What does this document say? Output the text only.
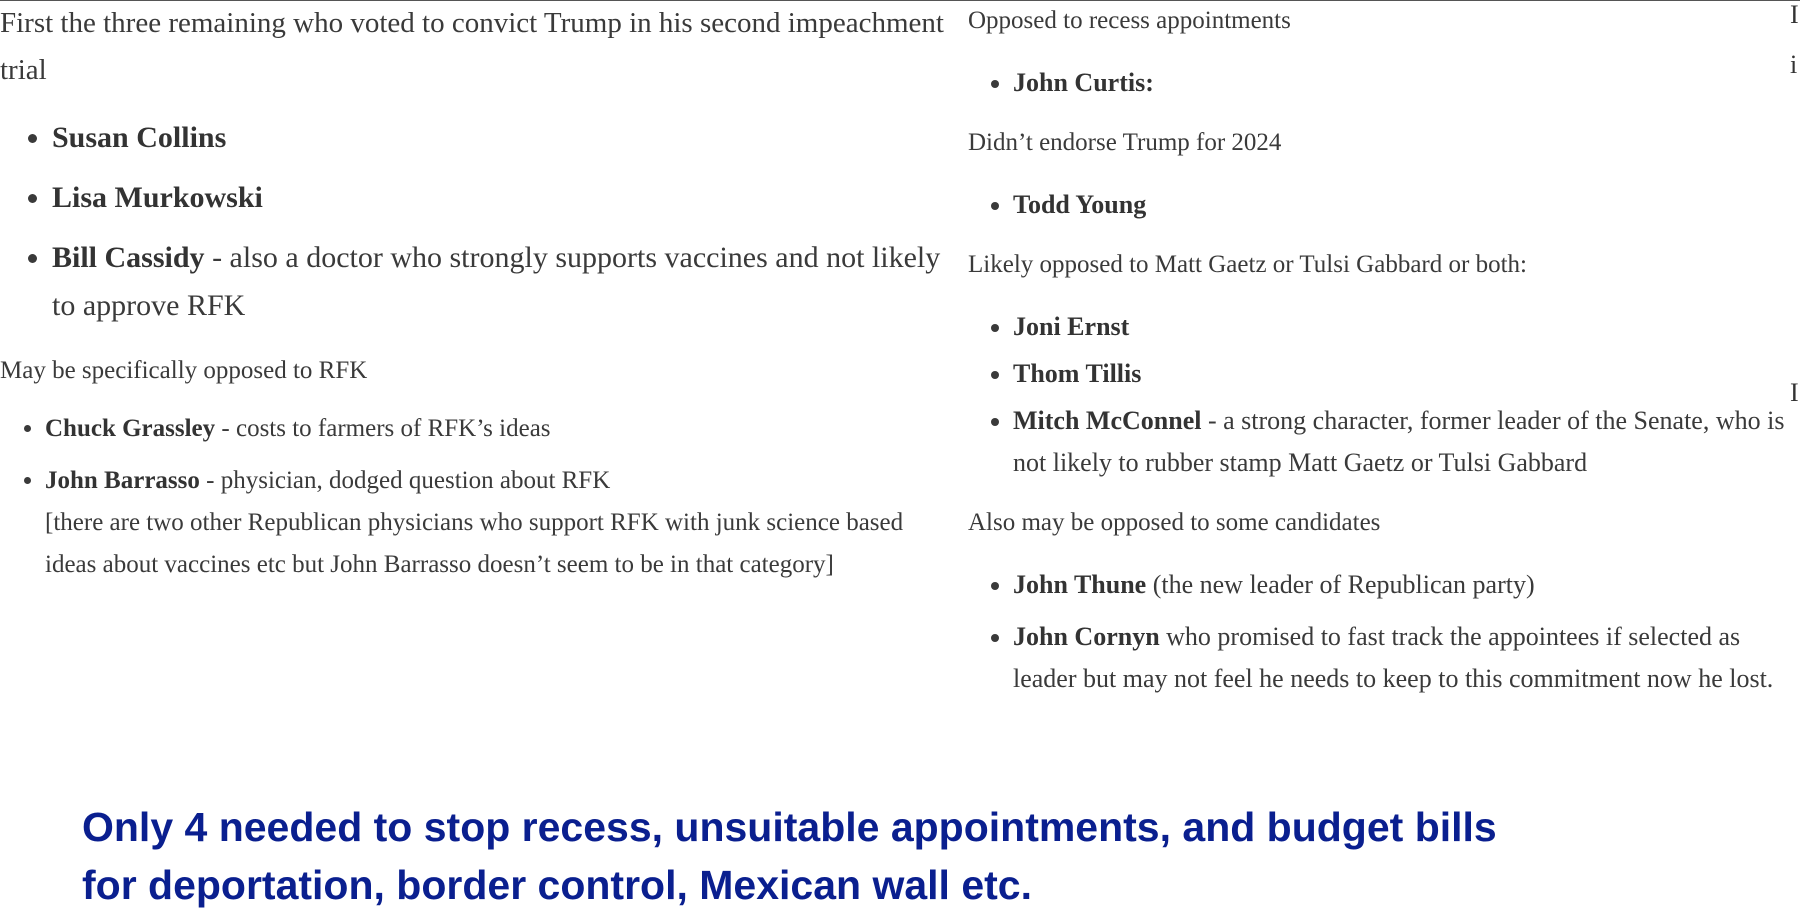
First the three remaining who voted to convict Trump in his second impeachment trial

• Susan Collins
• Lisa Murkowski
• Bill Cassidy - also a doctor who strongly supports vaccines and not likely to approve RFK

May be specifically opposed to RFK

• Chuck Grassley - costs to farmers of RFK’s ideas
• John Barrasso - physician, dodged question about RFK
[there are two other Republican physicians who support RFK with junk science based ideas about vaccines etc but John Barrasso doesn’t seem to be in that category]

Opposed to recess appointments

• John Curtis:

Didn’t endorse Trump for 2024

• Todd Young

Likely opposed to Matt Gaetz or Tulsi Gabbard or both:

• Joni Ernst
• Thom Tillis
• Mitch McConnel - a strong character, former leader of the Senate, who is not likely to rubber stamp Matt Gaetz or Tulsi Gabbard

Also may be opposed to some candidates

• John Thune (the new leader of Republican party)
• John Cornyn who promised to fast track the appointees if selected as leader but may not feel he needs to keep to this commitment now he lost.
I
i
I
Only 4 needed to stop recess, unsuitable appointments, and budget bills
for deportation, border control, Mexican wall etc.
